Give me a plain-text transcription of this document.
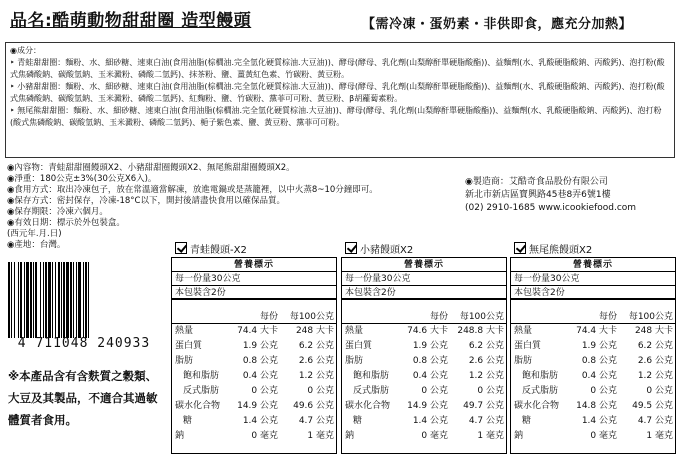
品名:酷萌動物甜甜圈 造型饅頭	【需冷凍・蛋奶素・非供即食，應充分加熱】

◉成分：

‣ 青蛙甜甜圈：麵粉、水、細砂糖、速東白油(食用油脂(棕櫚油.完全氫化硬質棕油.大豆油))、酵母(酵母、乳化劑(山梨醇酐單硬脂酸酯))、益麵劑(水、乳酸硬脂酸鈉、丙酸鈣)、泡打粉(酸式焦磷酸鈉、碳酸氫鈉、玉米澱粉、磷酸二氫鈣)、抹茶粉、鹽、薑黃紅色素、竹碳粉、黃豆粉。

‣ 小豬甜甜圈：麵粉、水、細砂糖、速東白油(食用油脂(棕櫚油.完全氫化硬質棕油.大豆油))、酵母(酵母、乳化劑(山梨醇酐單硬脂酸酯))、益麵劑(水、乳酸硬脂酸鈉、丙酸鈣)、泡打粉(酸式焦磷酸鈉、碳酸氫鈉、玉米澱粉、磷酸二氫鈣)、紅麴粉、鹽、竹碳粉、黨菲可可粉、黃豆粉、β胡蘿蔔素粉。

‣ 無尾熊甜甜圈：麵粉、水、細砂糖、速東白油(食用油脂(棕櫚油.完全氫化硬質棕油.大豆油))、酵母(酵母、乳化劑(山梨醇酐單硬脂酸酯))、益麵劑(水、乳酸硬脂酸鈉、丙酸鈣)、泡打粉(酸式焦磷酸鈉、碳酸氫鈉、玉米澱粉、磷酸二氫鈣)、梔子紫色素、鹽、黃豆粉、黨菲可可粉。

◉內容物：青蛙甜甜圈饅頭X2、小豬甜甜圈饅頭X2、無尾熊甜甜圈饅頭X2。
◉淨重：180公克±3%(30公克X6入)。
◉食用方式：取出冷凍包子，放在常溫適當解凍，放進電鍋或是蒸籠裡，以中火蒸8~10分鐘即可。
◉保存方式：密封保存，冷凍-18°C以下，開封後請盡快食用以確保品質。
◉保存期限：冷凍六個月。
◉有效日期：標示於外包裝盒。
(西元年.月.日)
◉產地：台灣。
◉製造商：艾酷奇食品股份有限公司
新北市新店區寶興路45巷8弄6號1樓
(02) 2910-1685 www.icookiefood.com
4 711048 240933
※本產品含有含麩質之穀類、大豆及其製品，不適合其過敏體質者食用。
青蛙饅頭-X2
營養標示
每一份量30公克
本包裝含2份
每份	每100公克
熱量	74.4 大卡	248 大卡
蛋白質	1.9 公克	6.2 公克
脂肪	0.8 公克	2.6 公克
飽和脂肪	0.4 公克	1.2 公克
反式脂肪	0 公克	0 公克
碳水化合物	14.9 公克	49.6 公克
糖	1.4 公克	4.7 公克
鈉	0 毫克	1 毫克
小豬饅頭X2
營養標示
每一份量30公克
本包裝含2份
每份	每100公克
熱量	74.6 大卡	248.8 大卡
蛋白質	1.9 公克	6.2 公克
脂肪	0.8 公克	2.6 公克
飽和脂肪	0.4 公克	1.2 公克
反式脂肪	0 公克	0 公克
碳水化合物	14.9 公克	49.7 公克
糖	1.4 公克	4.7 公克
鈉	0 毫克	1 毫克
無尾熊饅頭X2
營養標示
每一份量30公克
本包裝含2份
每份	每100公克
熱量	74.4 大卡	248 大卡
蛋白質	1.9 公克	6.2 公克
脂肪	0.8 公克	2.6 公克
飽和脂肪	0.4 公克	1.2 公克
反式脂肪	0 公克	0 公克
碳水化合物	14.8 公克	49.5 公克
糖	1.4 公克	4.7 公克
鈉	0 毫克	1 毫克
